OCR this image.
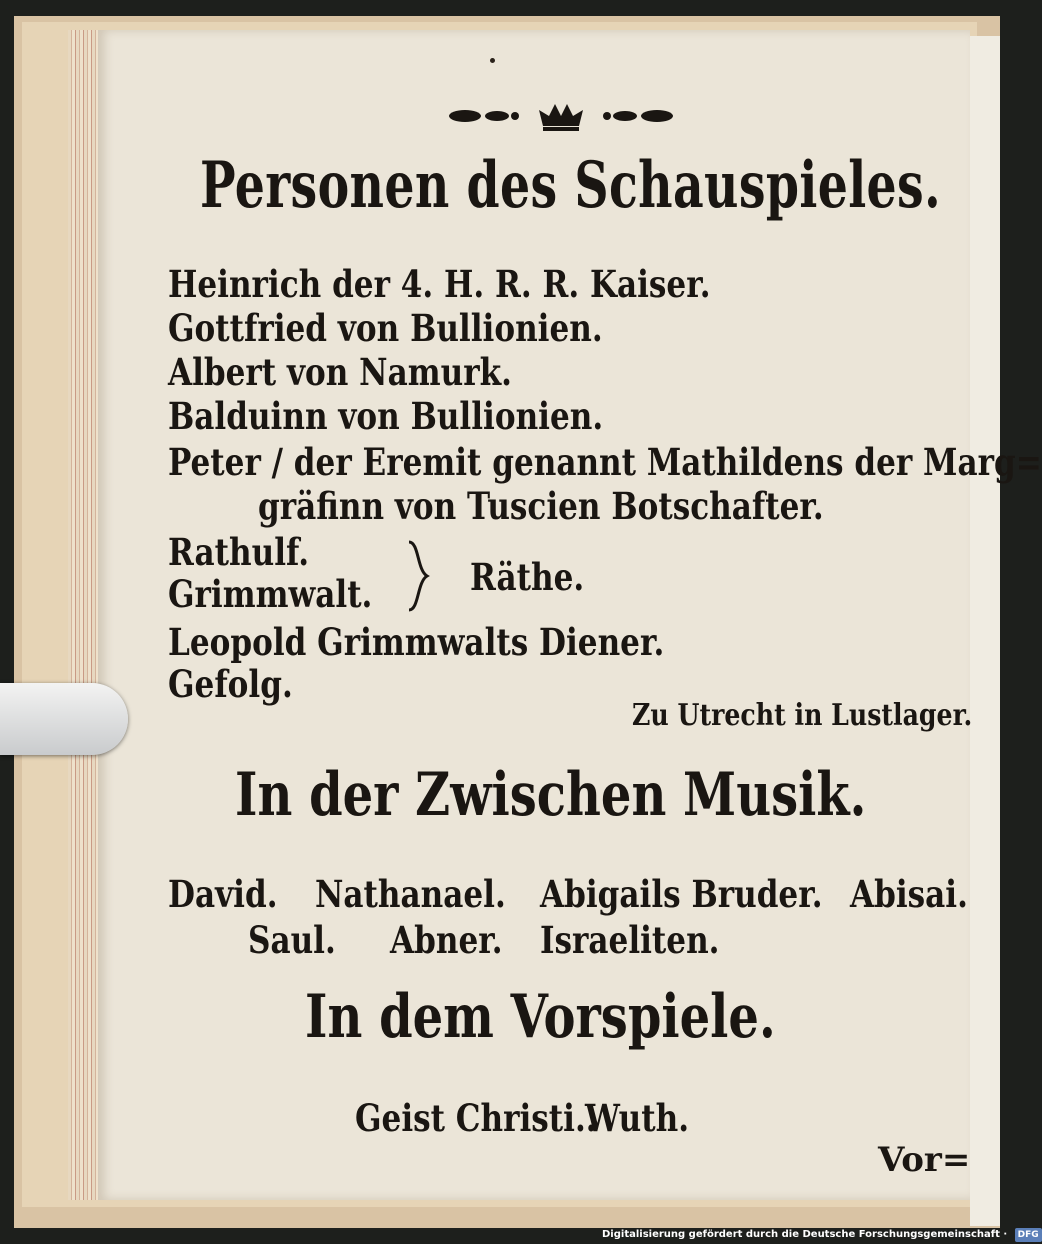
Personen des Schauspieles.
Heinrich der 4. H. R. R. Kaiser.
Gottfried von Bullionien.
Albert von Namurk.
Balduinn von Bullionien.
Peter / der Eremit genannt Mathildens der Marg=
gräfinn von Tuscien Botschafter.
Rathulf.
Grimmwalt.	Räthe.
Leopold Grimmwalts Diener.
Gefolg.
Zu Utrecht in Lustlager.
In der Zwischen Musik.
David. Nathanael. Abigails Bruder. Abisai.
Saul. Abner. Israeliten.
In dem Vorspiele.
Geist Christi..
Wuth.
Vor=
Digitalisierung gefördert durch die Deutsche Forschungsgemeinschaft · DFG
